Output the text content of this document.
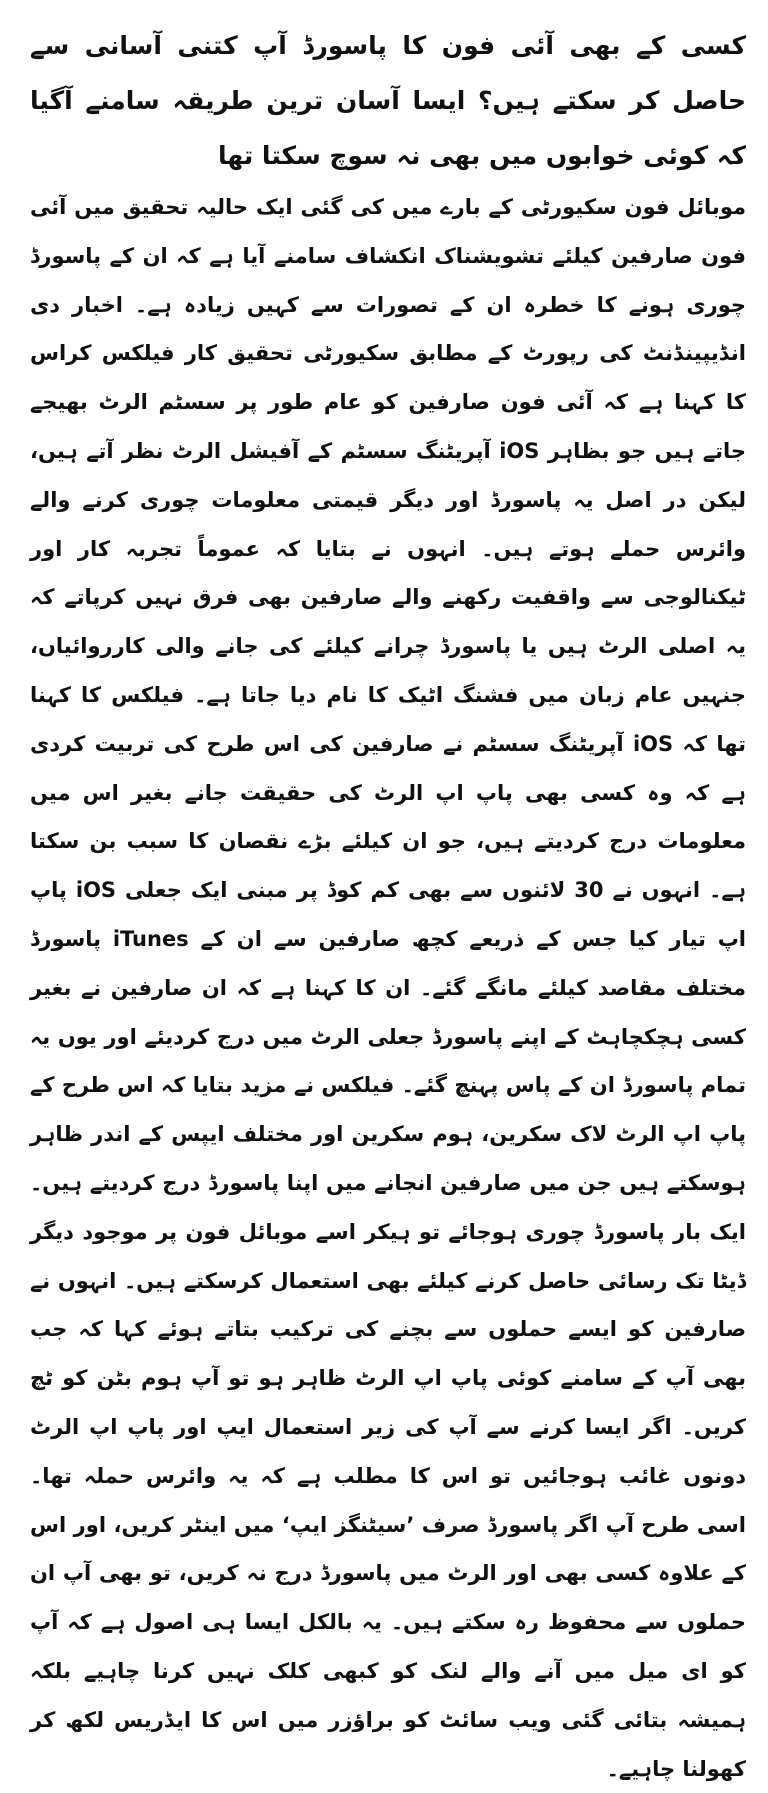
کسی کے بھی آئی فون کا پاسورڈ آپ کتنی آسانی سے حاصل کر سکتے ہیں؟ ایسا آسان ترین طریقہ سامنے آگیا کہ کوئی خوابوں میں بھی نہ سوچ سکتا تھا

موبائل فون سکیورٹی کے بارے میں کی گئی ایک حالیہ تحقیق میں آئی فون صارفین کیلئے تشویشناک انکشاف سامنے آیا ہے کہ ان کے پاسورڈ چوری ہونے کا خطرہ ان کے تصورات سے کہیں زیادہ ہے۔ اخبار دی انڈیپینڈنٹ کی رپورٹ کے مطابق سکیورٹی تحقیق کار فیلکس کراس کا کہنا ہے کہ آئی فون صارفین کو عام طور پر سسٹم الرٹ بھیجے جاتے ہیں جو بظاہر iOS آپریٹنگ سسٹم کے آفیشل الرٹ نظر آتے ہیں، لیکن در اصل یہ پاسورڈ اور دیگر قیمتی معلومات چوری کرنے والے وائرس حملے ہوتے ہیں۔ انہوں نے بتایا کہ عموماً تجربہ کار اور ٹیکنالوجی سے واقفیت رکھنے والے صارفین بھی فرق نہیں کرپاتے کہ یہ اصلی الرٹ ہیں یا پاسورڈ چرانے کیلئے کی جانے والی کارروائیاں، جنہیں عام زبان میں فشنگ اٹیک کا نام دیا جاتا ہے۔ فیلکس کا کہنا تھا کہ iOS آپریٹنگ سسٹم نے صارفین کی اس طرح کی تربیت کردی ہے کہ وہ کسی بھی پاپ اپ الرٹ کی حقیقت جانے بغیر اس میں معلومات درج کردیتے ہیں، جو ان کیلئے بڑے نقصان کا سبب بن سکتا ہے۔ انہوں نے 30 لائنوں سے بھی کم کوڈ پر مبنی ایک جعلی iOS پاپ اپ تیار کیا جس کے ذریعے کچھ صارفین سے ان کے iTunes پاسورڈ مختلف مقاصد کیلئے مانگے گئے۔ ان کا کہنا ہے کہ ان صارفین نے بغیر کسی ہچکچاہٹ کے اپنے پاسورڈ جعلی الرٹ میں درج کردیئے اور یوں یہ تمام پاسورڈ ان کے پاس پہنچ گئے۔ فیلکس نے مزید بتایا کہ اس طرح کے پاپ اپ الرٹ لاک سکرین، ہوم سکرین اور مختلف ایپس کے اندر ظاہر ہوسکتے ہیں جن میں صارفین انجانے میں اپنا پاسورڈ درج کردیتے ہیں۔ ایک بار پاسورڈ چوری ہوجائے تو ہیکر اسے موبائل فون پر موجود دیگر ڈیٹا تک رسائی حاصل کرنے کیلئے بھی استعمال کرسکتے ہیں۔ انہوں نے صارفین کو ایسے حملوں سے بچنے کی ترکیب بتاتے ہوئے کہا کہ جب بھی آپ کے سامنے کوئی پاپ اپ الرٹ ظاہر ہو تو آپ ہوم بٹن کو ٹچ کریں۔ اگر ایسا کرنے سے آپ کی زیر استعمال ایپ اور پاپ اپ الرٹ دونوں غائب ہوجائیں تو اس کا مطلب ہے کہ یہ وائرس حملہ تھا۔ اسی طرح آپ اگر پاسورڈ صرف ’سیٹنگز ایپ‘ میں اینٹر کریں، اور اس کے علاوہ کسی بھی اور الرٹ میں پاسورڈ درج نہ کریں، تو بھی آپ ان حملوں سے محفوظ رہ سکتے ہیں۔ یہ بالکل ایسا ہی اصول ہے کہ آپ کو ای میل میں آنے والے لنک کو کبھی کلک نہیں کرنا چاہیے بلکہ ہمیشہ بتائی گئی ویب سائٹ کو براؤزر میں اس کا ایڈریس لکھ کر کھولنا چاہیے۔
